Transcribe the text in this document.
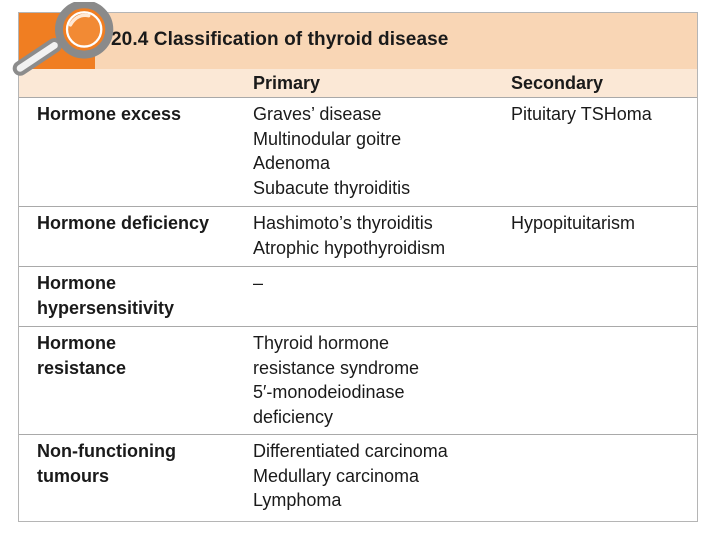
20.4 Classification of thyroid disease
Primary	Secondary
Hormone excess	Graves’ disease
Multinodular goitre
Adenoma
Subacute thyroiditis
Pituitary TSHoma
Hormone deficiency Hashimoto’s thyroiditis
Atrophic hypothyroidism
Hypopituitarism
Hormone
hypersensitivity
–
Hormone
resistance
Thyroid hormone
resistance syndrome
5′-monodeiodinase
deficiency
Non-functioning
tumours
Differentiated carcinoma
Medullary carcinoma
Lymphoma
